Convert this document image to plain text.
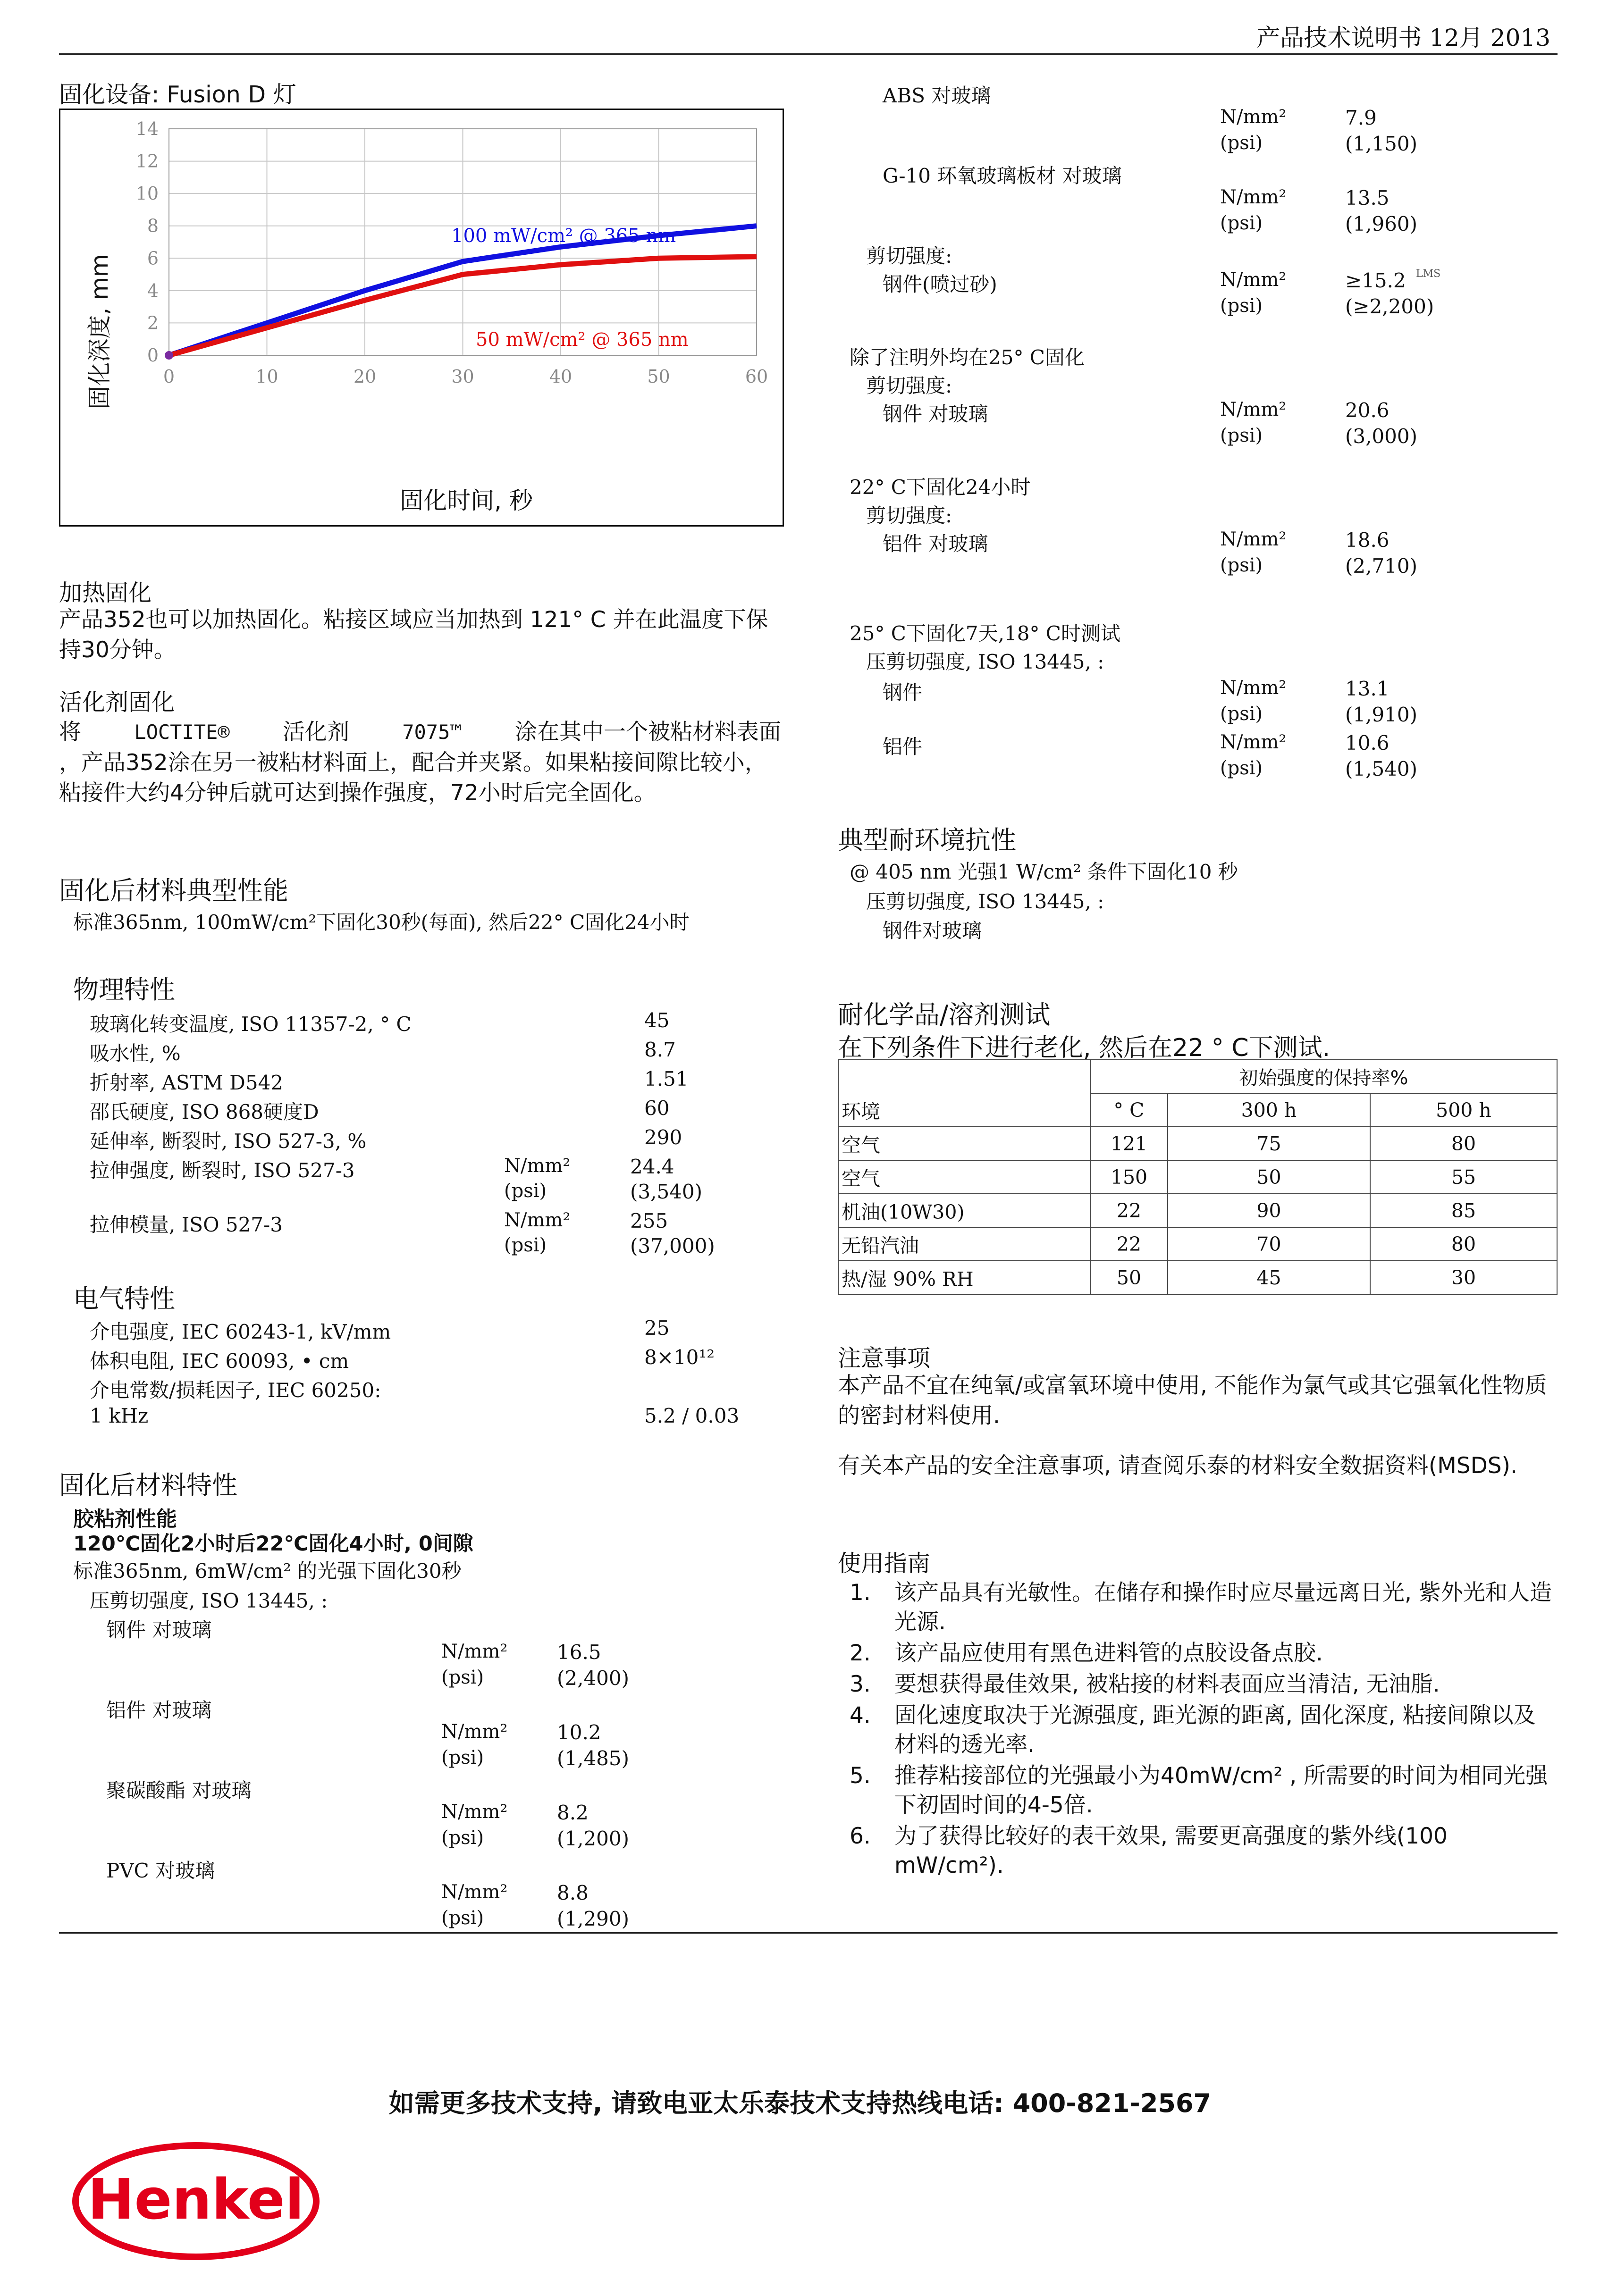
产品技术说明书 12月 2013
固化设备: Fusion D 灯
0
2
4
6
8
10
12
14
0	10	20	30	40	50	60
固化深度, mm
固化时间, 秒
100 mW/cm² @ 365 nm
50 mW/cm² @ 365 nm
加热固化
产品352也可以加热固化。粘接区域应当加热到 121° C 并在此温度下保持30分钟。
活化剂固化
将	LOCTITE® 活化剂	7075™ 涂在其中一个被粘材料表面
，产品352涂在另一被粘材料面上，配合并夹紧。如果粘接间隙比较小，粘接件大约4分钟后就可达到操作强度，72小时后完全固化。
固化后材料典型性能
标准365nm, 100mW/cm²下固化30秒(每面), 然后22° C固化24小时
物理特性
玻璃化转变温度, ISO 11357-2, ° C	45
吸水性, %	8.7
折射率, ASTM D542	1.51
邵氏硬度, ISO 868硬度D	60
延伸率, 断裂时, ISO 527-3, %	290
拉伸强度, 断裂时, ISO 527-3	N/mm²	24.4
(psi)	(3,540)
拉伸模量, ISO 527-3	N/mm²	255
(psi)	(37,000)
电气特性
介电强度, IEC 60243-1, kV/mm	25
体积电阻, IEC 60093, • cm	8×10¹²
介电常数/损耗因子, IEC 60250:
1 kHz	5.2 / 0.03
固化后材料特性
胶粘剂性能
120℃固化2小时后22℃固化4小时, 0间隙
标准365nm, 6mW/cm² 的光强下固化30秒
压剪切强度, ISO 13445, :
钢件 对玻璃
N/mm² 16.5
(psi)	(2,400)
铝件 对玻璃
N/mm² 10.2
(psi)	(1,485)
聚碳酸酯 对玻璃
N/mm² 8.2
(psi)	(1,200)
PVC 对玻璃
N/mm² 8.8
(psi)	(1,290)
ABS 对玻璃
N/mm²	7.9
(psi)	(1,150)
G-10 环氧玻璃板材 对玻璃
N/mm²	13.5
(psi)	(1,960)
剪切强度:
钢件(喷过砂)	N/mm²	≥15.2 LMS
(psi)	(≥2,200)
除了注明外均在25° C固化
剪切强度:
钢件 对玻璃	N/mm²	20.6
(psi)	(3,000)
22° C下固化24小时
剪切强度:
铝件 对玻璃	N/mm²	18.6
(psi)	(2,710)
25° C下固化7天,18° C时测试
压剪切强度, ISO 13445, :
钢件	N/mm²	13.1
(psi)	(1,910)
铝件	N/mm²	10.6
(psi)	(1,540)
典型耐环境抗性
@ 405 nm 光强1 W/cm² 条件下固化10 秒
压剪切强度, ISO 13445, :
钢件对玻璃
耐化学品/溶剂测试
在下列条件下进行老化, 然后在22 ° C下测试.
	初始强度的保持率%		
环境	° C	300 h	500 h
空气	121	75	80
空气	150	50	55
机油(10W30)	22	90	85
无铅汽油	22	70	80
热/湿 90% RH	50	45	30
注意事项
本产品不宜在纯氧/或富氧环境中使用, 不能作为氯气或其它强氧化性物质的密封材料使用.
有关本产品的安全注意事项, 请查阅乐泰的材料安全数据资料(MSDS).
使用指南
1. 该产品具有光敏性。在储存和操作时应尽量远离日光, 紫外光和人造光源.
2. 该产品应使用有黑色进料管的点胶设备点胶.
3. 要想获得最佳效果, 被粘接的材料表面应当清洁, 无油脂.
4. 固化速度取决于光源强度, 距光源的距离, 固化深度, 粘接间隙以及材料的透光率.
5. 推荐粘接部位的光强最小为40mW/cm² , 所需要的时间为相同光强下初固时间的4-5倍.
6. 为了获得比较好的表干效果, 需要更高强度的紫外线(100 mW/cm²).
如需更多技术支持, 请致电亚太乐泰技术支持热线电话: 400-821-2567
Henkel
